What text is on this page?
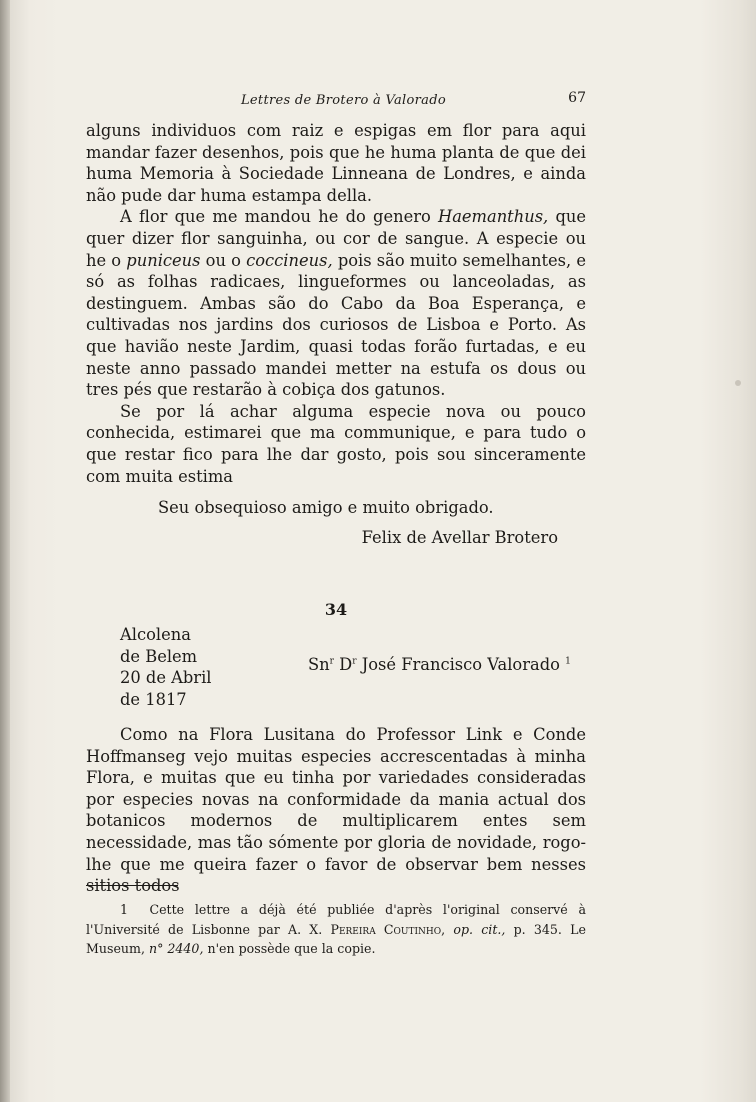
Lettres de Brotero à Valorado	67

alguns individuos com raiz e espigas em flor para aqui mandar fazer desenhos, pois que he huma planta de que dei huma Memoria à Sociedade Linneana de Londres, e ainda não pude dar huma estampa della.

A flor que me mandou he do genero Haemanthus, que quer dizer flor sanguinha, ou cor de sangue. A especie ou he o puniceus ou o coccineus, pois são muito semelhantes, e só as folhas radicaes, lingueformes ou lanceoladas, as destinguem. Ambas são do Cabo da Boa Esperança, e cultivadas nos jardins dos curiosos de Lisboa e Porto. As que havião neste Jardim, quasi todas forão furtadas, e eu neste anno passado mandei metter na estufa os dous ou tres pés que restarão à cobiça dos gatunos.

Se por lá achar alguma especie nova ou pouco conhecida, estimarei que ma communique, e para tudo o que restar fico para lhe dar gosto, pois sou sinceramente com muita estima

Seu obsequioso amigo e muito obrigado.

Felix de Avellar Brotero

34
Alcolena
de Belem
20 de Abril
de 1817
Sn$^r$ $D^r$ José Francisco Valorado $^1$

Como na Flora Lusitana do Professor Link e Conde Hoffmanseg vejo muitas especies accrescentadas à minha Flora, e muitas que eu tinha por variedades consideradas por especies novas na conformidade da mania actual dos botanicos modernos de multiplicarem entes sem necessidade, mas tão sómente por gloria de novidade, rogo-lhe que me queira fazer o favor de observar bem nesses sitios todos

1 Cette lettre a déjà été publiée d'après l'original conservé à l'Université de Lisbonne par A. X. Pereira Coutinho, op. cit., p. 345. Le Museum, n° 2440, n'en possède que la copie.
